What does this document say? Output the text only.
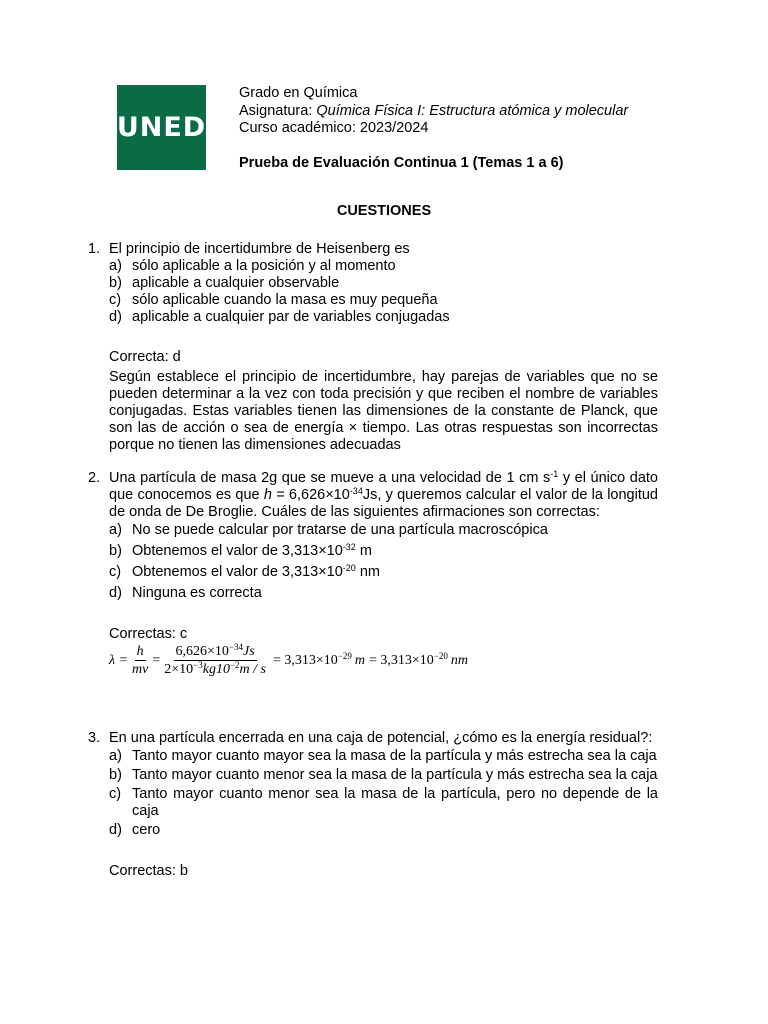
UNED
Grado en Química
Asignatura: Química Física I: Estructura atómica y molecular
Curso académico: 2023/2024
Prueba de Evaluación Continua 1 (Temas 1 a 6)
CUESTIONES
1. El principio de incertidumbre de Heisenberg es
a) sólo aplicable a la posición y al momento
b) aplicable a cualquier observable
c) sólo aplicable cuando la masa es muy pequeña
d) aplicable a cualquier par de variables conjugadas
Correcta: d
Según establece el principio de incertidumbre, hay parejas de variables que no se pueden determinar a la vez con toda precisión y que reciben el nombre de variables conjugadas. Estas variables tienen las dimensiones de la constante de Planck, que son las de acción o sea de energía × tiempo. Las otras respuestas son incorrectas porque no tienen las dimensiones adecuadas
2. Una partícula de masa 2g que se mueve a una velocidad de 1 cm $s^{-1}$ y el único dato que conocemos es que $h = 6,626\times 10^{-34}Js$, y queremos calcular el valor de la longitud de onda de De Broglie. Cuáles de las siguientes afirmaciones son correctas:
a) No se puede calcular por tratarse de una partícula macroscópica
b) Obtenemos el valor de $3,313\times 10^{-32}$ m
c) Obtenemos el valor de $3,313\times 10^{-20}$ nm
d) Ninguna es correcta
Correctas: c
$\lambda = \frac{h}{mv} = \frac{6,626\times 10^{-34}Js}{2\times 10^{-3}kg10^{-2}m / s} = 3,313\times 10^{-29}$ $m = 3,313\times 10^{-20}$ nm
3. En una partícula encerrada en una caja de potencial, ¿cómo es la energía residual?:
a) Tanto mayor cuanto mayor sea la masa de la partícula y más estrecha sea la caja
b) Tanto mayor cuanto menor sea la masa de la partícula y más estrecha sea la caja
c) Tanto mayor cuanto menor sea la masa de la partícula, pero no depende de la caja
d) cero
Correctas: b
